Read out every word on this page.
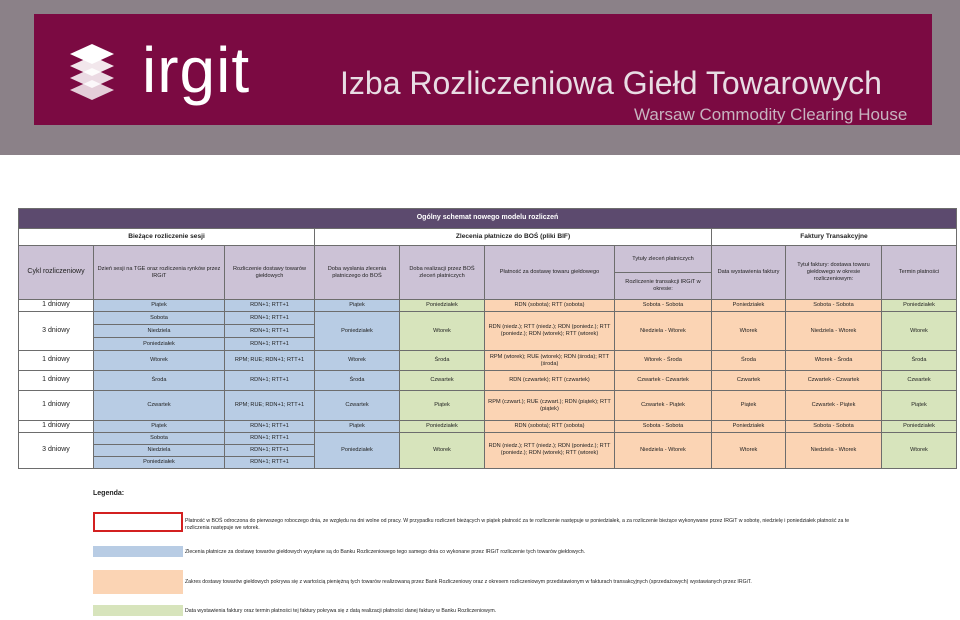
irgit	Izba Rozliczeniowa Giełd Towarowych
Warsaw Commodity Clearing House
Ogólny schemat nowego modelu rozliczeń									
Bieżące rozliczenie sesji			Zlecenia płatnicze do BOŚ (pliki BIF)				Faktury Transakcyjne		
Cykl rozliczeniowy	Dzień sesji na TGE oraz rozliczenia rynków przez IRGiT	Rozliczenie dostawy towarów giełdowych	Doba wysłania zlecenia płatniczego do BOŚ	Doba realizacji przez BOŚ zleceń płatniczych	Płatność za dostawę towaru giełdowego	Tytuły zleceń płatniczych	Data wystawienia faktury	Tytuł faktury: dostawa towaru giełdowego w okresie rozliczeniowym:	Termin płatności
						Rozliczenie transakcji IRGiT w okresie:			
1 dniowy	Piątek	RDN+1; RTT+1	Piątek	Poniedziałek	RDN (sobota); RTT (sobota)	Sobota - Sobota	Poniedziałek	Sobota - Sobota	Poniedziałek
3 dniowy	Sobota	RDN+1; RTT+1	Poniedziałek	Wtorek	RDN (niedz.); RTT (niedz.); RDN (poniedz.); RTT (poniedz.); RDN (wtorek); RTT (wtorek)	Niedziela - Wtorek	Wtorek	Niedziela - Wtorek	Wtorek
	Niedziela	RDN+1; RTT+1							
	Poniedziałek	RDN+1; RTT+1							
1 dniowy	Wtorek	RPM; RUE; RDN+1; RTT+1	Wtorek	Środa	RPM (wtorek); RUE (wtorek); RDN (środa); RTT (środa)	Wtorek - Środa	Środa	Wtorek - Środa	Środa
1 dniowy	Środa	RDN+1; RTT+1	Środa	Czwartek	RDN (czwartek); RTT (czwartek)	Czwartek - Czwartek	Czwartek	Czwartek - Czwartek	Czwartek
1 dniowy	Czwartek	RPM; RUE; RDN+1; RTT+1	Czwartek	Piątek	RPM (czwart.); RUE (czwart.); RDN (piątek); RTT (piątek)	Czwartek - Piątek	Piątek	Czwartek - Piątek	Piątek
1 dniowy	Piątek	RDN+1; RTT+1	Piątek	Poniedziałek	RDN (sobota); RTT (sobota)	Sobota - Sobota	Poniedziałek	Sobota - Sobota	Poniedziałek
3 dniowy	Sobota	RDN+1; RTT+1	Poniedziałek	Wtorek	RDN (niedz.); RTT (niedz.); RDN (poniedz.); RTT (poniedz.); RDN (wtorek); RTT (wtorek)	Niedziela - Wtorek	Wtorek	Niedziela - Wtorek	Wtorek
	Niedziela	RDN+1; RTT+1							
	Poniedziałek	RDN+1; RTT+1							
Legenda:
Płatność w BOŚ odroczona do pierwszego roboczego dnia, ze względu na dni wolne od pracy. W przypadku rozliczeń bieżących w piątek płatność za te rozliczenie następuje w poniedziałek, a za rozliczenie bieżące wykonywane przez IRGiT w sobotę, niedzielę i poniedziałek płatność za te rozliczenia następuje we wtorek.
Zlecenia płatnicze za dostawę towarów giełdowych wysyłane są do Banku Rozliczeniowego tego samego dnia co wykonane przez IRGiT rozliczenie tych towarów giełdowych.
Zakres dostawy towarów giełdowych pokrywa się z wartością pieniężną tych towarów realizowaną przez Bank Rozliczeniowy oraz z okresem rozliczeniowym przedstawionym w fakturach transakcyjnych (sprzedażowych) wystawianych przez IRGiT.
Data wystawienia faktury oraz termin płatności tej faktury pokrywa się z datą realizacji płatności danej faktury w Banku Rozliczeniowym.
